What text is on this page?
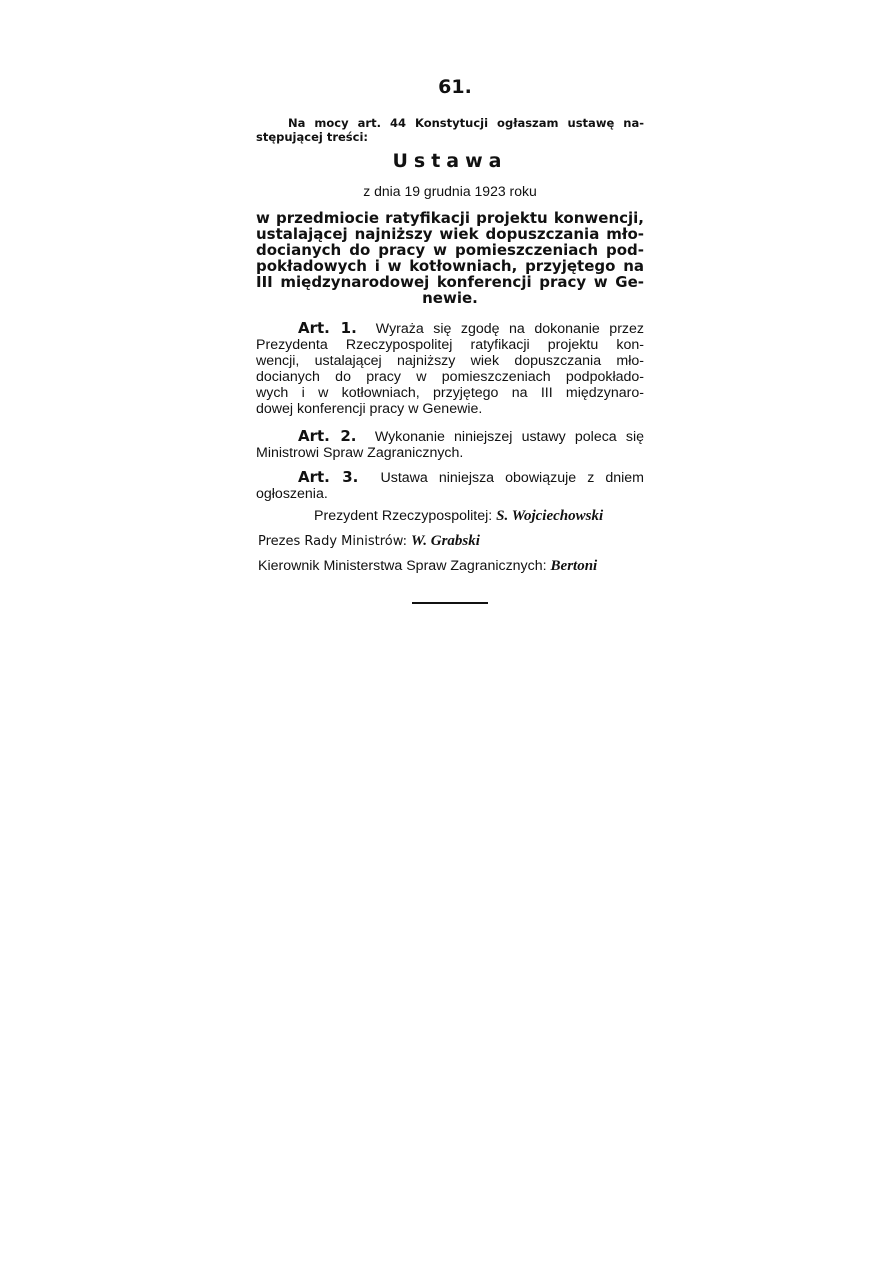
61.
Na mocy art. 44 Konstytucji ogłaszam ustawę na-
stępującej treści:
Ustawa
z dnia 19 grudnia 1923 roku
w przedmiocie ratyfikacji projektu konwencji,
ustalającej najniższy wiek dopuszczania mło-
docianych do pracy w pomieszczeniach pod-
pokładowych i w kotłowniach, przyjętego na
III międzynarodowej konferencji pracy w Ge-
newie.
Art. 1. Wyraża się zgodę na dokonanie przez
Prezydenta Rzeczypospolitej ratyfikacji projektu kon-
wencji, ustalającej najniższy wiek dopuszczania mło-
docianych do pracy w pomieszczeniach podpokłado-
wych i w kotłowniach, przyjętego na III międzynaro-
dowej konferencji pracy w Genewie.
Art. 2. Wykonanie niniejszej ustawy poleca się
Ministrowi Spraw Zagranicznych.
Art. 3. Ustawa niniejsza obowiązuje z dniem
ogłoszenia.
Prezydent Rzeczypospolitej: S. Wojciechowski
Prezes Rady Ministrów: W. Grabski
Kierownik Ministerstwa Spraw Zagranicznych: Bertoni
